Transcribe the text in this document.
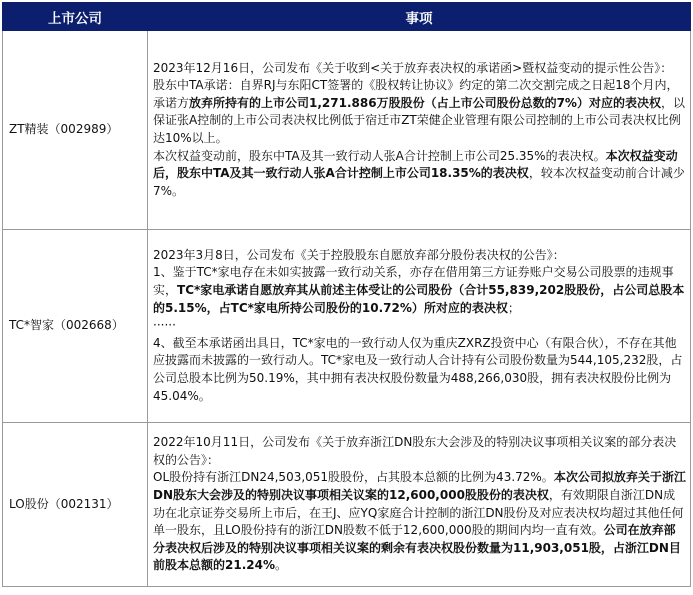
上市公司	事项
ZT精装（002989）	2023年12月16日，公司发布《关于收到<关于放弃表决权的承诺函>暨权益变动的提示性公告》：

股东中TA承诺：自界RJ与东阳CT签署的《股权转让协议》约定的第二次交割完成之日起18个月内，承诺方放弃所持有的上市公司1,271.886万股股份（占上市公司股份总数的7%）对应的表决权，以保证张A控制的上市公司表决权比例低于宿迁市ZT荣健企业管理有限公司控制的上市公司表决权比例达10%以上。

本次权益变动前，股东中TA及其一致行动人张A合计控制上市公司25.35%的表决权。本次权益变动后，股东中TA及其一致行动人张A合计控制上市公司18.35%的表决权，较本次权益变动前合计减少7%。

TC*智家（002668）	2023年3月8日，公司发布《关于控股股东自愿放弃部分股份表决权的公告》：

1、鉴于TC*家电存在未如实披露一致行动关系，亦存在借用第三方证券账户交易公司股票的违规事实，TC*家电承诺自愿放弃其从前述主体受让的公司股份（合计55,839,202股股份，占公司总股本的5.15%，占TC*家电所持公司股份的10.72%）所对应的表决权；

······

4、截至本承诺函出具日，TC*家电的一致行动人仅为重庆ZXRZ投资中心（有限合伙），不存在其他应披露而未披露的一致行动人。TC*家电及一致行动人合计持有公司股份数量为544,105,232股，占公司总股本比例为50.19%，其中拥有表决权股份数量为488,266,030股，拥有表决权股份比例为45.04%。

LO股份（002131）	2022年10月11日，公司发布《关于放弃浙江DN股东大会涉及的特别决议事项相关议案的部分表决权的公告》：

OL股份持有浙江DN24,503,051股股份，占其股本总额的比例为43.72%。本次公司拟放弃关于浙江DN股东大会涉及的特别决议事项相关议案的12,600,000股股份的表决权，有效期限自浙江DN成功在北京证券交易所上市后，在王J、应YQ家庭合计控制的浙江DN股份及对应表决权均超过其他任何单一股东，且LO股份持有的浙江DN股数不低于12,600,000股的期间内均一直有效。公司在放弃部分表决权后涉及的特别决议事项相关议案的剩余有表决权股份数量为11,903,051股，占浙江DN目前股本总额的21.24%。
